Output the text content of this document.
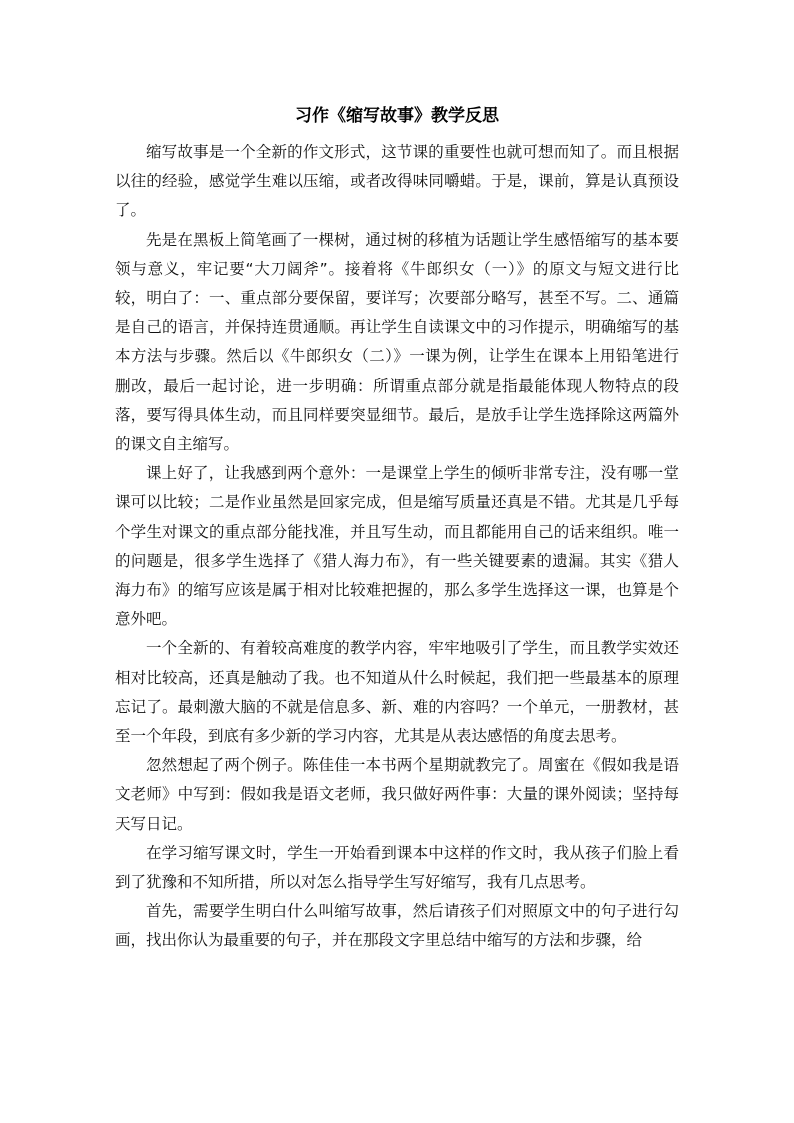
习作《缩写故事》教学反思

缩写故事是一个全新的作文形式，这节课的重要性也就可想而知了。而且根据以往的经验，感觉学生难以压缩，或者改得味同嚼蜡。于是，课前，算是认真预设了。

先是在黑板上简笔画了一棵树，通过树的移植为话题让学生感悟缩写的基本要领与意义，牢记要“大刀阔斧”。接着将《牛郎织女（一）》的原文与短文进行比较，明白了：一、重点部分要保留，要详写；次要部分略写，甚至不写。二、通篇是自己的语言，并保持连贯通顺。再让学生自读课文中的习作提示，明确缩写的基本方法与步骤。然后以《牛郎织女（二）》一课为例，让学生在课本上用铅笔进行删改，最后一起讨论，进一步明确：所谓重点部分就是指最能体现人物特点的段落，要写得具体生动，而且同样要突显细节。最后，是放手让学生选择除这两篇外的课文自主缩写。

课上好了，让我感到两个意外：一是课堂上学生的倾听非常专注，没有哪一堂课可以比较；二是作业虽然是回家完成，但是缩写质量还真是不错。尤其是几乎每个学生对课文的重点部分能找准，并且写生动，而且都能用自己的话来组织。唯一的问题是，很多学生选择了《猎人海力布》，有一些关键要素的遗漏。其实《猎人海力布》的缩写应该是属于相对比较难把握的，那么多学生选择这一课，也算是个意外吧。

一个全新的、有着较高难度的教学内容，牢牢地吸引了学生，而且教学实效还相对比较高，还真是触动了我。也不知道从什么时候起，我们把一些最基本的原理忘记了。最刺激大脑的不就是信息多、新、难的内容吗？一个单元，一册教材，甚至一个年段，到底有多少新的学习内容，尤其是从表达感悟的角度去思考。

忽然想起了两个例子。陈佳佳一本书两个星期就教完了。周蜜在《假如我是语文老师》中写到：假如我是语文老师，我只做好两件事：大量的课外阅读；坚持每天写日记。

在学习缩写课文时，学生一开始看到课本中这样的作文时，我从孩子们脸上看到了犹豫和不知所措，所以对怎么指导学生写好缩写，我有几点思考。

首先，需要学生明白什么叫缩写故事，然后请孩子们对照原文中的句子进行勾画，找出你认为最重要的句子，并在那段文字里总结中缩写的方法和步骤，给
